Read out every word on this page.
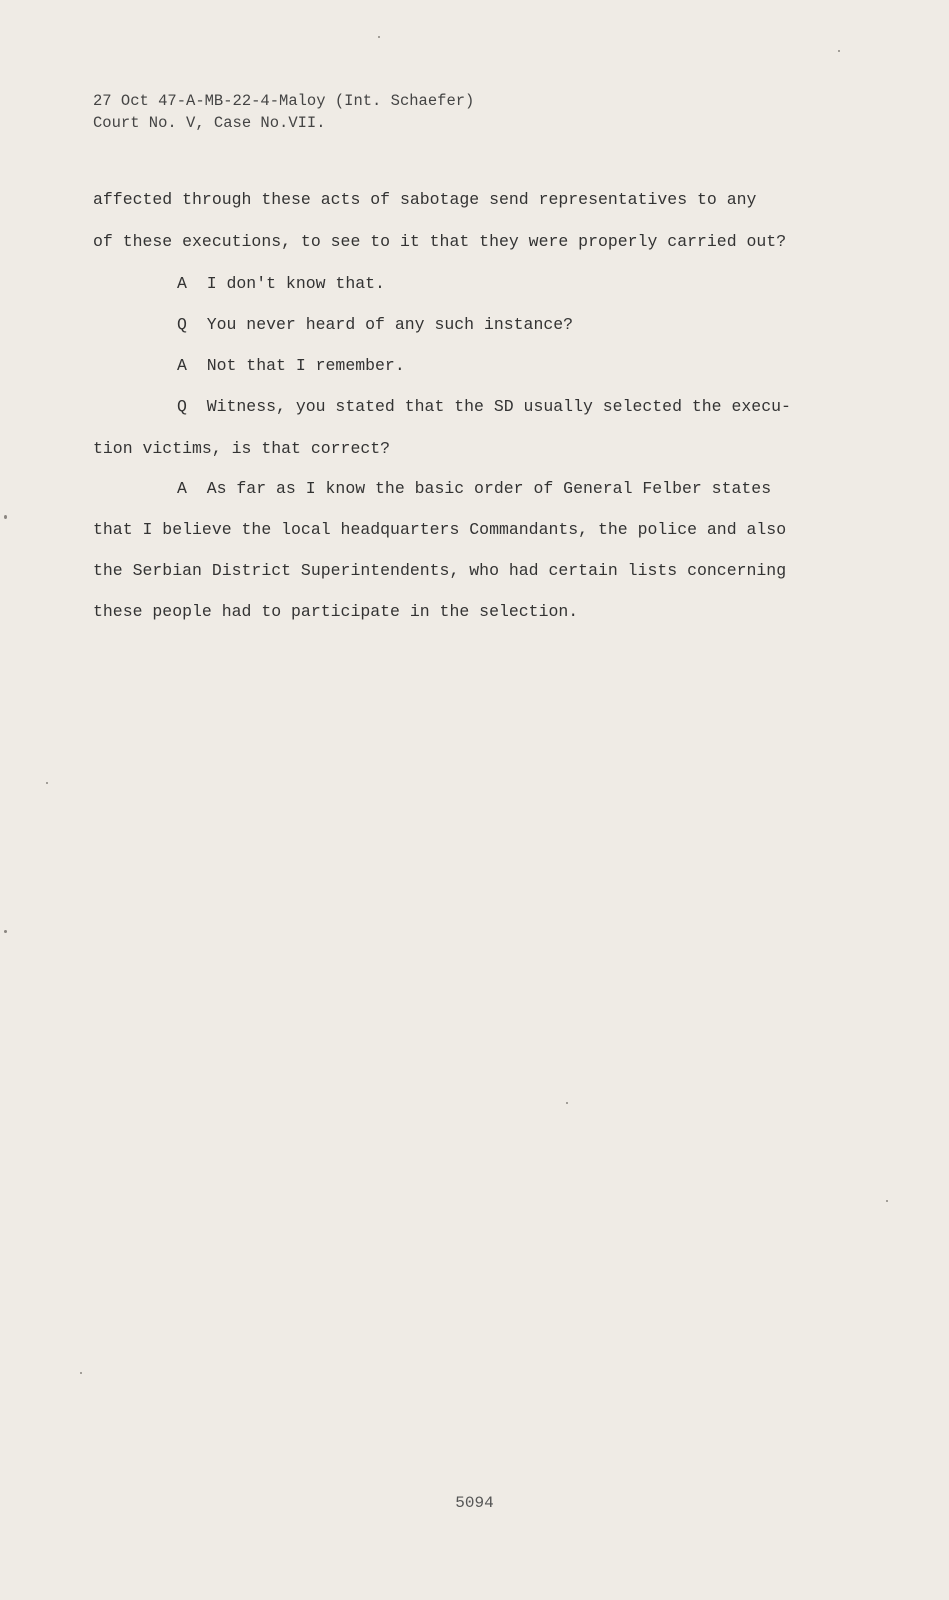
27 Oct 47-A-MB-22-4-Maloy (Int. Schaefer)
Court No. V, Case No.VII.
affected through these acts of sabotage send representatives to any
of these executions, to see to it that they were properly carried out?
A  I don't know that.
Q  You never heard of any such instance?
A  Not that I remember.
Q  Witness, you stated that the SD usually selected the execu-
tion victims, is that correct?
A  As far as I know the basic order of General Felber states
that I believe the local headquarters Commandants, the police and also
the Serbian District Superintendents, who had certain lists concerning
these people had to participate in the selection.
5094
